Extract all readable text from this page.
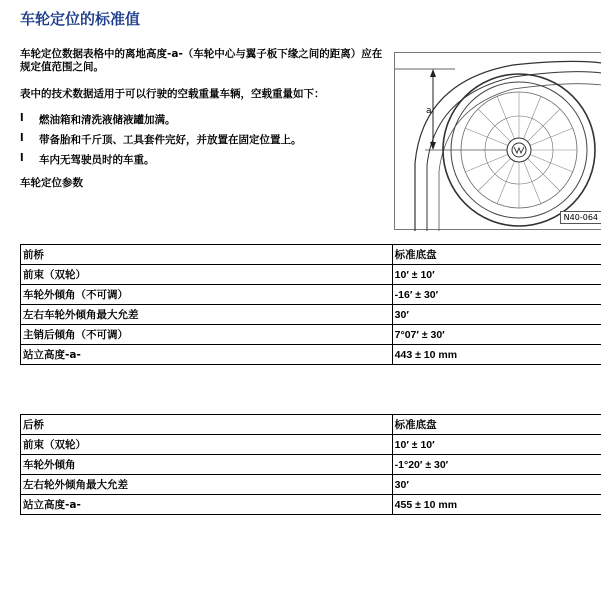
车轮定位的标准值
车轮定位数据表格中的离地高度-a-（车轮中心与翼子板下缘之间的距离）应在规定值范围之间。
表中的技术数据适用于可以行驶的空载重量车辆，空载重量如下：
l	燃油箱和清洗液储液罐加满。
l	带备胎和千斤顶、工具套件完好，并放置在固定位置上。
l	车内无驾驶员时的车重。
车轮定位参数
a
N40-064
前桥	标准底盘
前束（双轮）	10′ ± 10′
车轮外倾角（不可调）	-16′ ± 30′
左右车轮外倾角最大允差	30′
主销后倾角（不可调）	7°07′ ± 30′
站立高度-a-	443 ± 10 mm
后桥	标准底盘
前束（双轮）	10′ ± 10′
车轮外倾角	-1°20′ ± 30′
左右轮外倾角最大允差	30′
站立高度-a-	455 ± 10 mm
